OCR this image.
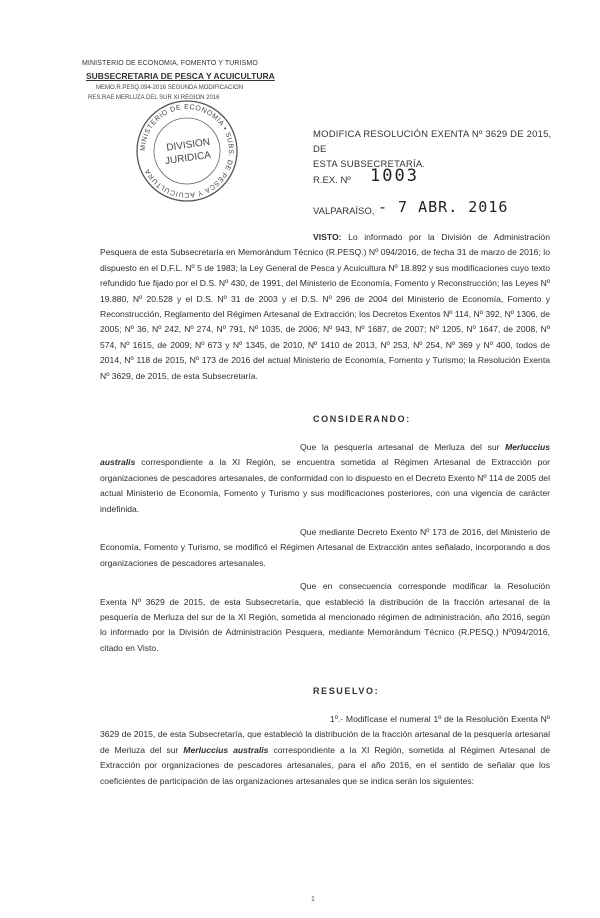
MINISTERIO DE ECONOMIA, FOMENTO Y TURISMO
SUBSECRETARIA DE PESCA Y ACUICULTURA
MEMO.R.PESQ.094-2016 SEGUNDA MODIFICACION
RES.RAE MERLUZA DEL SUR XI REGION 2016
MINISTERIO DE ECONOMIA • SUBS. DE PESCA Y ACUICULTURA
DIVISION
JURIDICA
MODIFICA RESOLUCIÓN EXENTA Nº 3629 DE 2015, DE
ESTA SUBSECRETARÍA.
R.EX. Nº 1003
VALPARAÍSO, - 7 ABR. 2016

VISTO: Lo informado por la División de Administración Pesquera de esta Subsecretaría en Memorándum Técnico (R.PESQ.) Nº 094/2016, de fecha 31 de marzo de 2016; lo dispuesto en el D.F.L. Nº 5 de 1983; la Ley General de Pesca y Acuicultura Nº 18.892 y sus modificaciones cuyo texto refundido fue fijado por el D.S. Nº 430, de 1991, del Ministerio de Economía, Fomento y Reconstrucción; las Leyes Nº 19.880, Nº 20.528 y el D.S. Nº 31 de 2003 y el D.S. Nº 296 de 2004 del Ministerio de Economía, Fomento y Reconstrucción, Reglamento del Régimen Artesanal de Extracción; los Decretos Exentos Nº 114, Nº 392, Nº 1306, de 2005; Nº 36, Nº 242, Nº 274, Nº 791, Nº 1035, de 2006; Nº 943, Nº 1687, de 2007; Nº 1205, Nº 1647, de 2008, Nº 574, Nº 1615, de 2009; Nº 673 y Nº 1345, de 2010, Nº 1410 de 2013, Nº 253, Nº 254, Nº 369 y Nº 400, todos de 2014, Nº 118 de 2015, Nº 173 de 2016 del actual Ministerio de Economía, Fomento y Turismo; la Resolución Exenta Nº 3629, de 2015, de esta Subsecretaría.

CONSIDERANDO:

Que la pesquería artesanal de Merluza del sur Merluccius australis correspondiente a la XI Región, se encuentra sometida al Régimen Artesanal de Extracción por organizaciones de pescadores artesanales, de conformidad con lo dispuesto en el Decreto Exento Nº 114 de 2005 del actual Ministerio de Economía, Fomento y Turismo y sus modificaciones posteriores, con una vigencia de carácter indefinida.

Que mediante Decreto Exento Nº 173 de 2016, del Ministerio de Economía, Fomento y Turismo, se modificó el Régimen Artesanal de Extracción antes señalado, incorporando a dos organizaciones de pescadores artesanales.

Que en consecuencia corresponde modificar la Resolución Exenta Nº 3629 de 2015, de esta Subsecretaría, que estableció la distribución de la fracción artesanal de la pesquería de Merluza del sur de la XI Región, sometida al mencionado régimen de administración, año 2016, según lo informado por la División de Administración Pesquera, mediante Memorándum Técnico (R.PESQ.) Nº094/2016, citado en Visto.

RESUELVO:

1º.- Modifícase el numeral 1º de la Resolución Exenta Nº 3629 de 2015, de esta Subsecretaría, que estableció la distribución de la fracción artesanal de la pesquería artesanal de Merluza del sur Merluccius australis correspondiente a la XI Región, sometida al Régimen Artesanal de Extracción por organizaciones de pescadores artesanales, para el año 2016, en el sentido de señalar que los coeficientes de participación de las organizaciones artesanales que se indica serán los siguientes:

1
